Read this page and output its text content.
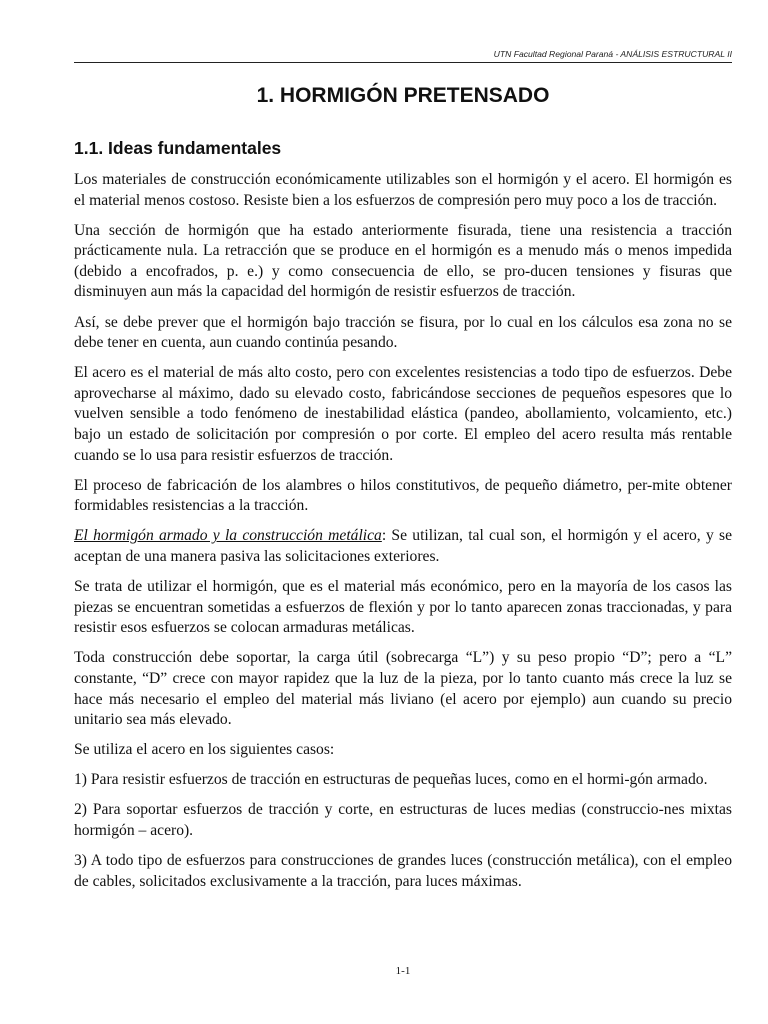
UTN Facultad Regional Paraná - ANÁLISIS ESTRUCTURAL II
1. HORMIGÓN PRETENSADO
1.1. Ideas fundamentales

Los materiales de construcción económicamente utilizables son el hormigón y el acero. El hormigón es el material menos costoso. Resiste bien a los esfuerzos de compresión pero muy poco a los de tracción.

Una sección de hormigón que ha estado anteriormente fisurada, tiene una resistencia a tracción prácticamente nula. La retracción que se produce en el hormigón es a menudo más o menos impedida (debido a encofrados, p. e.) y como consecuencia de ello, se pro-ducen tensiones y fisuras que disminuyen aun más la capacidad del hormigón de resistir esfuerzos de tracción.

Así, se debe prever que el hormigón bajo tracción se fisura, por lo cual en los cálculos esa zona no se debe tener en cuenta, aun cuando continúa pesando.

El acero es el material de más alto costo, pero con excelentes resistencias a todo tipo de esfuerzos. Debe aprovecharse al máximo, dado su elevado costo, fabricándose secciones de pequeños espesores que lo vuelven sensible a todo fenómeno de inestabilidad elástica (pandeo, abollamiento, volcamiento, etc.) bajo un estado de solicitación por compresión o por corte. El empleo del acero resulta más rentable cuando se lo usa para resistir esfuerzos de tracción.

El proceso de fabricación de los alambres o hilos constitutivos, de pequeño diámetro, per-mite obtener formidables resistencias a la tracción.

El hormigón armado y la construcción metálica: Se utilizan, tal cual son, el hormigón y el acero, y se aceptan de una manera pasiva las solicitaciones exteriores.

Se trata de utilizar el hormigón, que es el material más económico, pero en la mayoría de los casos las piezas se encuentran sometidas a esfuerzos de flexión y por lo tanto aparecen zonas traccionadas, y para resistir esos esfuerzos se colocan armaduras metálicas.

Toda construcción debe soportar, la carga útil (sobrecarga “L”) y su peso propio “D”; pero a “L” constante, “D” crece con mayor rapidez que la luz de la pieza, por lo tanto cuanto más crece la luz se hace más necesario el empleo del material más liviano (el acero por ejemplo) aun cuando su precio unitario sea más elevado.

Se utiliza el acero en los siguientes casos:

1) Para resistir esfuerzos de tracción en estructuras de pequeñas luces, como en el hormi-gón armado.

2) Para soportar esfuerzos de tracción y corte, en estructuras de luces medias (construccio-nes mixtas hormigón – acero).

3) A todo tipo de esfuerzos para construcciones de grandes luces (construcción metálica), con el empleo de cables, solicitados exclusivamente a la tracción, para luces máximas.

1-1
